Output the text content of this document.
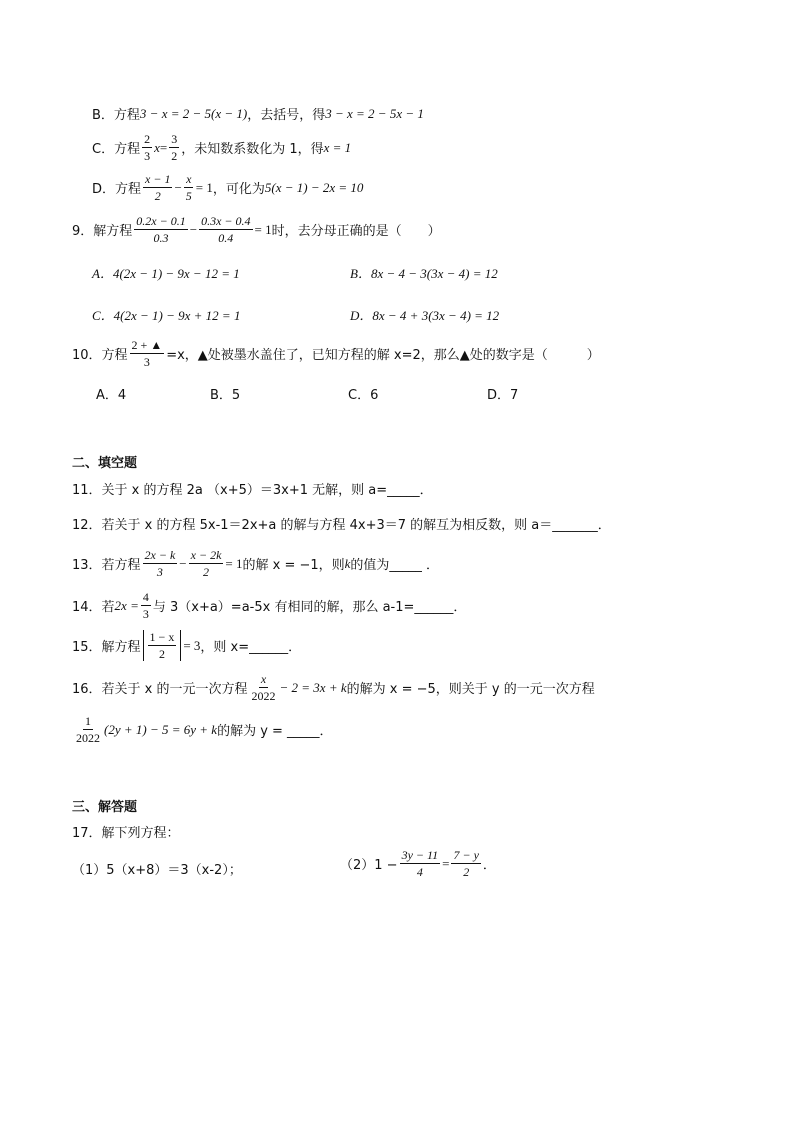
B．方程 3 − x = 2 − 5(x − 1) ，去括号，得 3 − x = 2 − 5x − 1
C．方程 $\frac{2}{3}$ $x = \frac{3}{2}$ ，未知数系数化为 1，得 x = 1
D．方程 $\frac{x - 1}{2} - \frac{x}{5} = 1$ ，可化为 5(x − 1) − 2x = 10
9．解方程 $\frac{0.2x - 0.1}{0.3} - \frac{0.3x - 0.4}{0.4} = 1$ 时，去分母正确的是（　　）
A．4(2x − 1) − 9x − 12 = 1	B．8x − 4 − 3(3x − 4) = 12
C．4(2x − 1) − 9x + 12 = 1	D．8x − 4 + 3(3x − 4) = 12
10．方程 $\frac{2 + ▲}{3} =x$，▲处被墨水盖住了，已知方程的解 x=2，那么▲处的数字是（　　　）
A．4	B．5	C．6	D．7
二、填空题
11．关于 x 的方程 2a （x+5）＝3x+1 无解，则 a=_____．
12．若关于 x 的方程 5x-1＝2x+a 的解与方程 4x+3＝7 的解互为相反数，则 a＝_______．
13．若方程 $\frac{2x - k}{3} - \frac{x - 2k}{2} = 1$ 的解 x = −1，则 k 的值为_____ ．
14．若 $2x = \frac{4}{3}$ 与 3（x+a）=a-5x 有相同的解，那么 a-1=______．
15．解方程 $\frac{1 - x}{2} = 3$ ，则 x=______．
16．若关于 x 的一元一次方程 $\frac{x}{2022} - 2 = 3x + k$ 的解为 x = −5，则关于 y 的一元一次方程
$\frac{1}{2022} (2y + 1) - 5 = 6y + k$ 的解为 y = _____．
三、解答题
17．解下列方程：
（1）5（x+8）＝3（x-2）；	$(2)1 - \frac{3y - 11}{4} = \frac{7 - y}{2}$ ．
